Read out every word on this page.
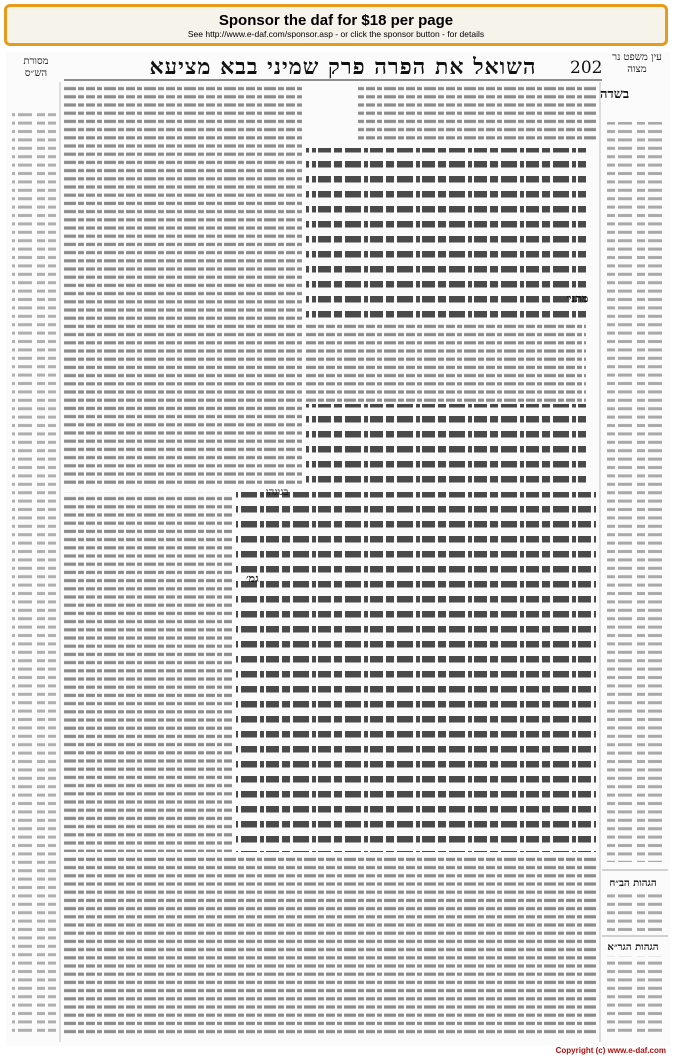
Sponsor the daf for $18 per page
See http://www.e-daf.com/sponsor.asp - or click the sponsor button - for details
202
השואל את הפרה פרק שמיני בבא מציעא
מסורת הש״ס
עין משפט נר מצוה
בשדה
מתני׳
גמ׳
בגוגהו
הגהות הב״ח
הגהות הגר״א
Copyright (c) www.e-daf.com
